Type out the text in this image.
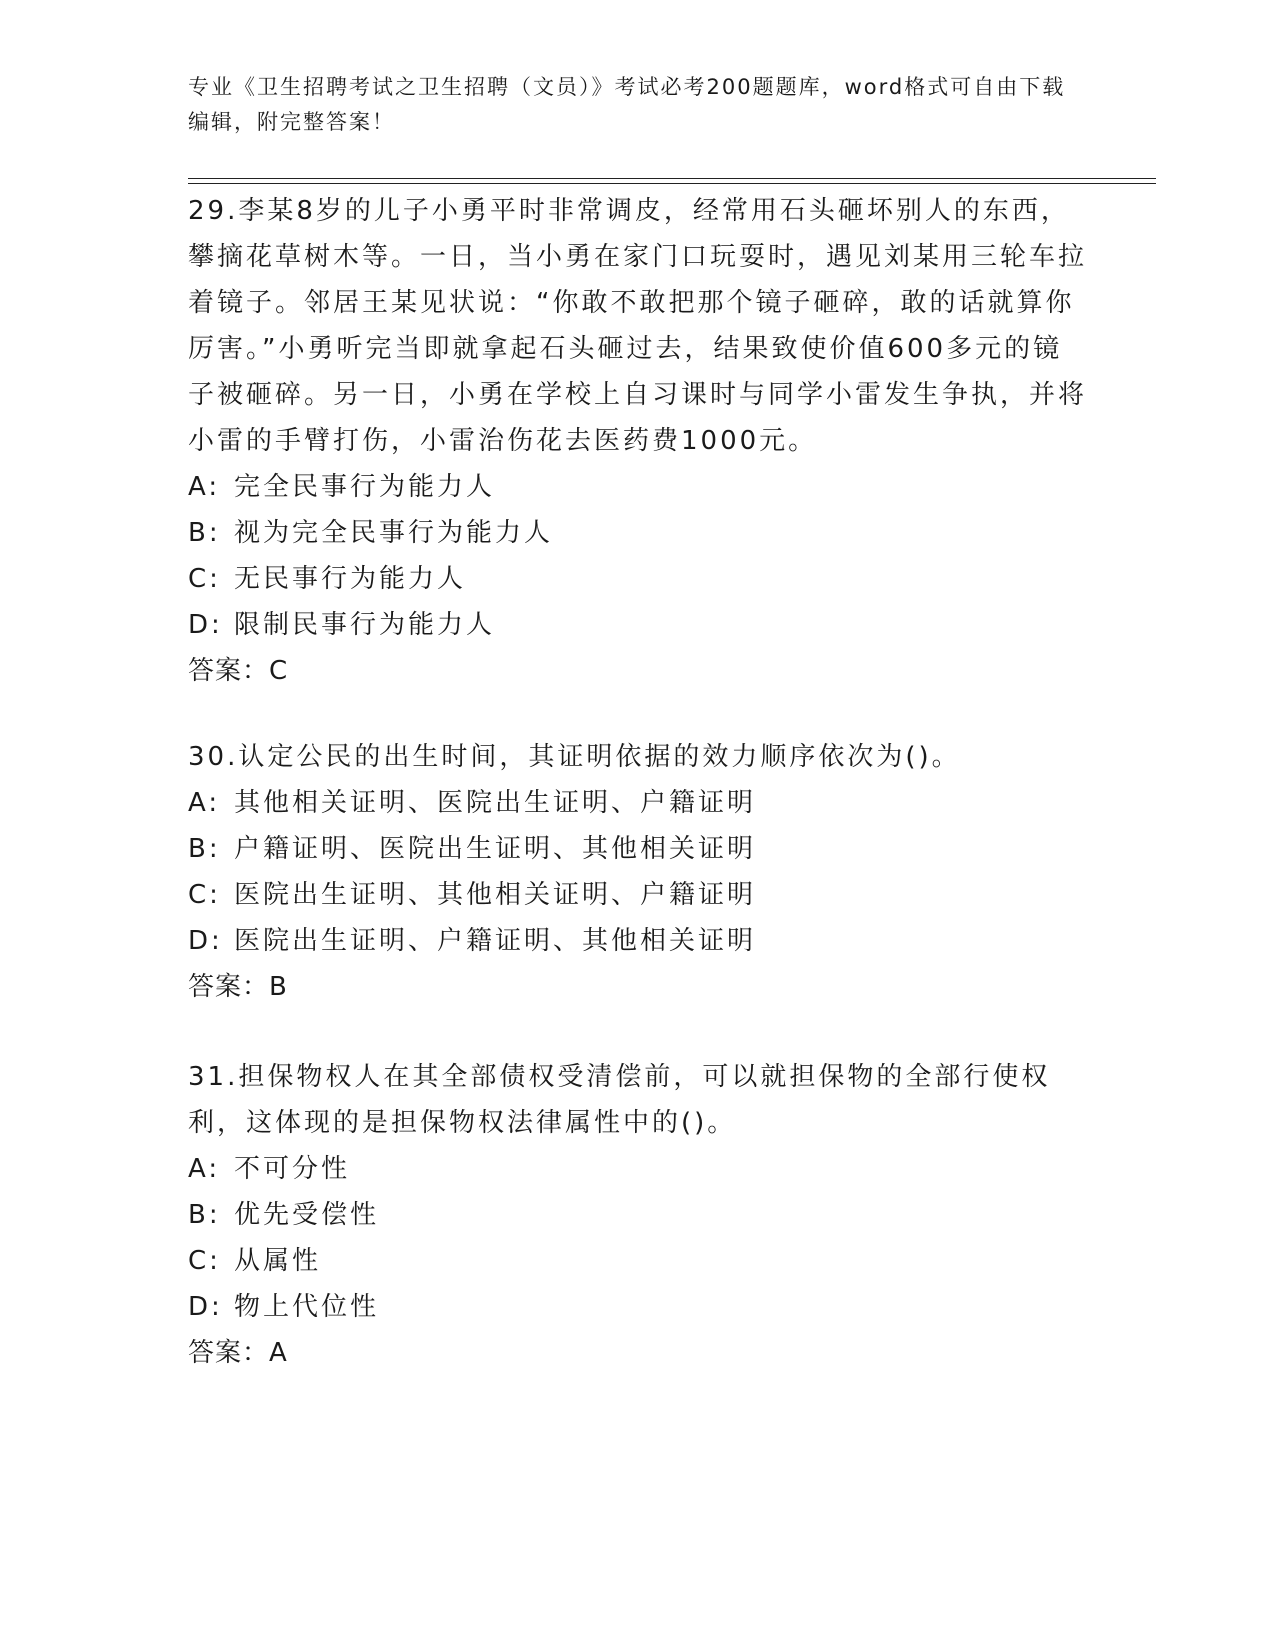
专业《卫生招聘考试之卫生招聘（文员）》考试必考200题题库，word格式可自由下载编辑，附完整答案！

29.李某8岁的儿子小勇平时非常调皮，经常用石头砸坏别人的东西，攀摘花草树木等。一日，当小勇在家门口玩耍时，遇见刘某用三轮车拉着镜子。邻居王某见状说：“你敢不敢把那个镜子砸碎，敢的话就算你厉害。”小勇听完当即就拿起石头砸过去，结果致使价值600多元的镜子被砸碎。另一日，小勇在学校上自习课时与同学小雷发生争执，并将小雷的手臂打伤，小雷治伤花去医药费1000元。

A: 完全民事行为能力人

B: 视为完全民事行为能力人

C: 无民事行为能力人

D: 限制民事行为能力人

答案：C

30.认定公民的出生时间，其证明依据的效力顺序依次为()。

A: 其他相关证明、医院出生证明、户籍证明

B: 户籍证明、医院出生证明、其他相关证明

C: 医院出生证明、其他相关证明、户籍证明

D: 医院出生证明、户籍证明、其他相关证明

答案：B

31.担保物权人在其全部债权受清偿前，可以就担保物的全部行使权利，这体现的是担保物权法律属性中的()。

A: 不可分性

B: 优先受偿性

C: 从属性

D: 物上代位性

答案：A
